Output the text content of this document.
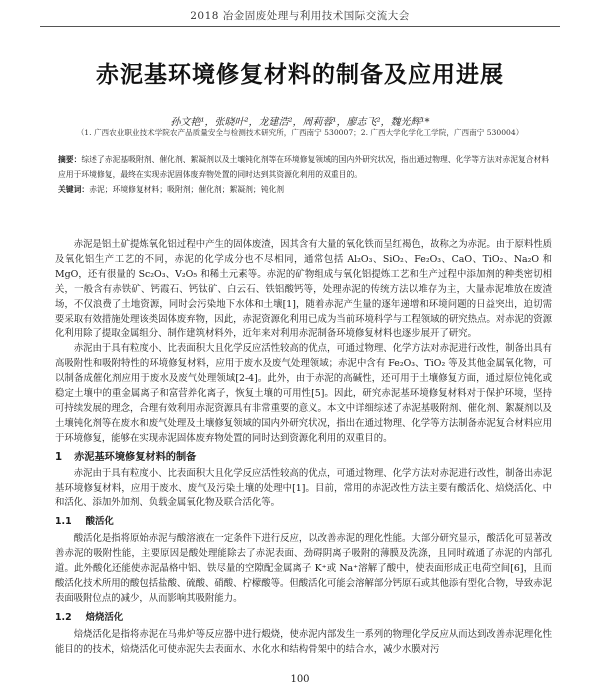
2018 冶金固废处理与利用技术国际交流大会
赤泥基环境修复材料的制备及应用进展
孙文艳¹，张晓叶²，龙建浩²，周莉蓉¹，廖志飞²，魏光辉¹*
（1. 广西农业职业技术学院农产品质量安全与检测技术研究所，广西南宁 530007；2. 广西大学化学化工学院，广西南宁 530004）

摘要：综述了赤泥基吸附剂、催化剂、絮凝剂以及土壤钝化剂等在环境修复领域的国内外研究状况，指出通过物理、化学等方法对赤泥复合材料应用于环境修复，最终在实现赤泥固体废弃物处置的同时达到其资源化利用的双重目的。

关键词：赤泥；环境修复材料；吸附剂；催化剂；絮凝剂；钝化剂

赤泥是铝土矿提炼氧化铝过程中产生的固体废渣，因其含有大量的氧化铁而呈红褐色，故称之为赤泥。由于原料性质及氧化铝生产工艺的不同，赤泥的化学成分也不尽相同，通常包括 Al₂O₃、SiO₂、Fe₂O₃、CaO、TiO₂、Na₂O 和 MgO，还有很量的 Sc₂O₃、V₂O₅ 和稀土元素等。赤泥的矿物组成与氧化铝提炼工艺和生产过程中添加剂的种类密切相关，一般含有赤铁矿、钙霞石、钙钛矿、白云石、铁铝酸钙等，处理赤泥的传统方法以堆存为主，大量赤泥堆放在废渣场，不仅浪费了土地资源，同时会污染地下水体和土壤[1]，随着赤泥产生量的逐年递增和环境问题的日益突出，迫切需要采取有效措施处理该类固体废弃物，因此，赤泥资源化利用已成为当前环境科学与工程领域的研究热点。对赤泥的资源化利用除了提取金属组分、制作建筑材料外，近年来对利用赤泥制备环境修复材料也逐步展开了研究。

赤泥由于具有粒度小、比表面积大且化学反应活性较高的优点，可通过物理、化学方法对赤泥进行改性，制备出具有高吸附性和吸附特性的环境修复材料，应用于废水及废气处理领域；赤泥中含有 Fe₂O₃、TiO₂ 等及其他金属氧化物，可以制备成催化剂应用于废水及废气处理领域[2-4]。此外，由于赤泥的高碱性，还可用于土壤修复方面，通过原位钝化或稳定土壤中的重金属离子和富营养化离子，恢复土壤的可用性[5]。因此，研究赤泥基环境修复材料对于保护环境，坚持可持续发展的理念，合理有效利用赤泥资源具有非常重要的意义。本文中详细综述了赤泥基吸附剂、催化剂、絮凝剂以及土壤钝化剂等在废水和废气处理及土壤修复领域的国内外研究状况，指出在通过物理、化学等方法制备赤泥复合材料应用于环境修复，能够在实现赤泥固体废弃物处置的同时达到资源化利用的双重目的。

1 赤泥基环境修复材料的制备

赤泥由于具有粒度小、比表面积大且化学反应活性较高的优点，可通过物理、化学方法对赤泥进行改性，制备出赤泥基环境修复材料，应用于废水、废气及污染土壤的处理中[1]。目前，常用的赤泥改性方法主要有酸活化、焙烧活化、中和活化、添加外加剂、负载金属氧化物及联合活化等。

1.1 酸活化

酸活化是指将原始赤泥与酸溶液在一定条件下进行反应，以改善赤泥的理化性能。大部分研究显示，酸活化可显著改善赤泥的吸附性能，主要原因是酸处理能除去了赤泥表面、劲碍阴离子吸附的薄膜及洗涤，且同时疏通了赤泥的内部孔道。此外酸化还能使赤泥晶格中铝、铁尽量的空隙配金属离子 K⁺或 Na⁺溶解了酸中，使表面形成正电荷空间[6]，且而酸活化技术所用的酸包括盐酸、硫酸、硝酸、柠檬酸等。但酸活化可能会溶解部分钙原石或其他添有型化合物，导致赤泥表面吸附位点的减少，从而影响其吸附能力。

1.2 焙烧活化

焙烧活化是指将赤泥在马弗炉等反应器中进行煅烧，使赤泥内部发生一系列的物理化学反应从而达到改善赤泥理化性能目的的技术，焙烧活化可使赤泥失去表面水、水化水和结构骨架中的结合水，减少水膜对污

100
